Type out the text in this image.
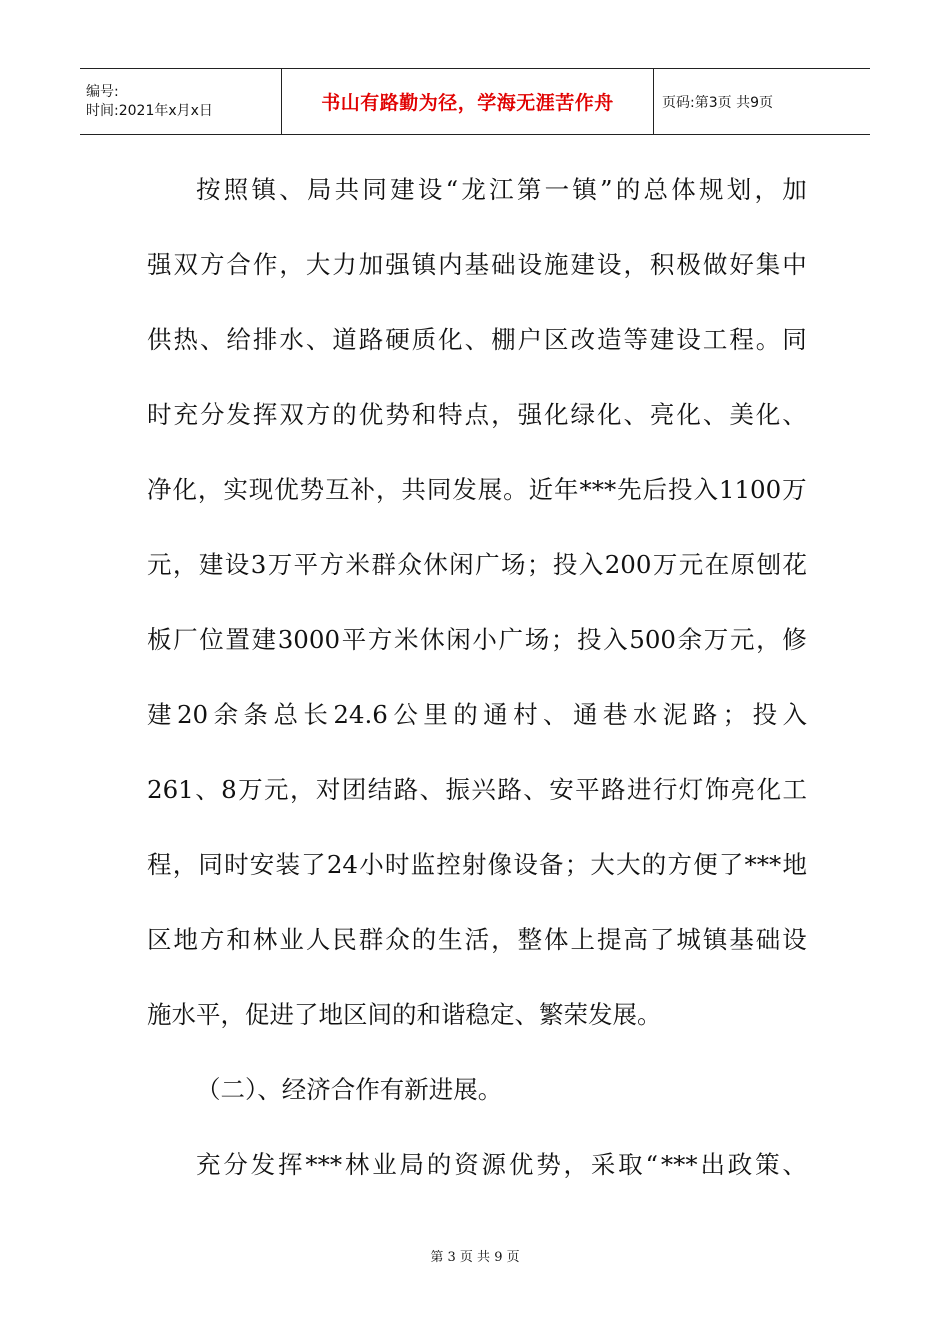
编号:
时间:2021年x月x日	书山有路勤为径，学海无涯苦作舟	页码:第3页 共9页
按 照 镇 、 局 共 同 建 设 “ 龙 江 第 一 镇 ” 的 总 体 规 划 ， 加
强 双 方 合 作 ， 大 力 加 强 镇 内 基 础 设 施 建 设 ， 积 极 做 好 集 中
供 热 、 给 排 水 、 道 路 硬 质 化 、 棚 户 区 改 造 等 建 设 工 程 。 同
时 充 分 发 挥 双 方 的 优 势 和 特 点 ， 强 化 绿 化 、 亮 化 、 美 化 、
净 化 ， 实 现 优 势 互 补 ， 共 同 发 展 。 近 年 *** 先 后 投 入 1100 万
元 ， 建 设 3 万 平 方 米 群 众 休 闲 广 场 ； 投 入 200 万 元 在 原 刨 花
板 厂 位 置 建 3000 平 方 米 休 闲 小 广 场 ； 投 入 500 余 万 元 ， 修
建 20 余 条 总 长 24.6 公 里 的 通 村 、 通 巷 水 泥 路 ； 投 入
261 、 8 万 元 ， 对 团 结 路 、 振 兴 路 、 安 平 路 进 行 灯 饰 亮 化 工
程 ， 同 时 安 装 了 24 小 时 监 控 射 像 设 备 ； 大 大 的 方 便 了 *** 地
区 地 方 和 林 业 人 民 群 众 的 生 活 ， 整 体 上 提 高 了 城 镇 基 础 设
施水平，促进了地区间的和谐稳定、繁荣发展。
（二）、经济合作有新进展。
充 分 发 挥 *** 林 业 局 的 资 源 优 势 ， 采 取 “ *** 出 政 策 、
第 3 页 共 9 页
